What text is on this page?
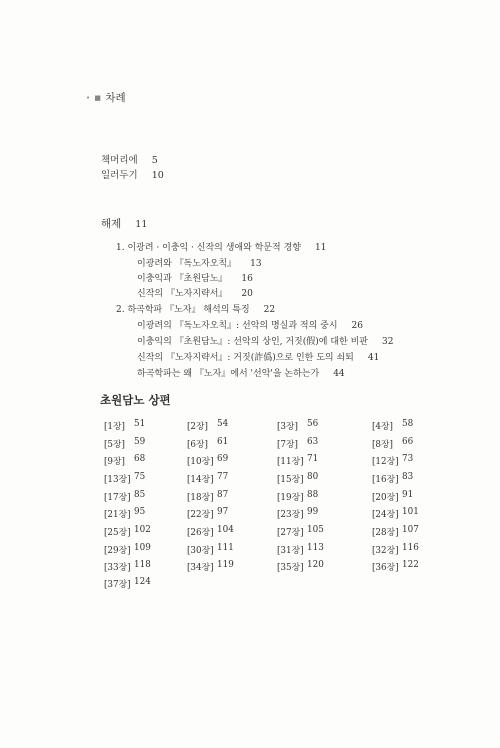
• ■ 차례
책머리에 5
일러두기 10
해제 11
1. 이광려 · 이충익 · 신작의 생애와 학문적 경향 11
이광려와 『독노자오칙』 13
이충익과 『초원담노』 16
신작의 『노자지략서』 20
2. 하곡학파 『노자』 해석의 특징 22
이광려의 『독노자오칙』: 선악의 명실과 적의 중시 26
이충익의 『초원담노』: 선악의 상인, 거짓(假)에 대한 비판 32
신작의 『노자지략서』: 거짓(詐僞)으로 인한 도의 쇠퇴 41
하곡학파는 왜 『노자』에서 '선악'을 논하는가 44
초원담노 상편
[1장] 51	[2장] 54	[3장] 56	[4장] 58
[5장] 59	[6장] 61	[7장] 63	[8장] 66
[9장] 68	[10장] 69	[11장] 71	[12장] 73
[13장] 75	[14장] 77	[15장] 80	[16장] 83
[17장] 85	[18장] 87	[19장] 88	[20장] 91
[21장] 95	[22장] 97	[23장] 99	[24장] 101
[25장] 102	[26장] 104	[27장] 105	[28장] 107
[29장] 109	[30장] 111	[31장] 113	[32장] 116
[33장] 118	[34장] 119	[35장] 120	[36장] 122
[37장] 124
